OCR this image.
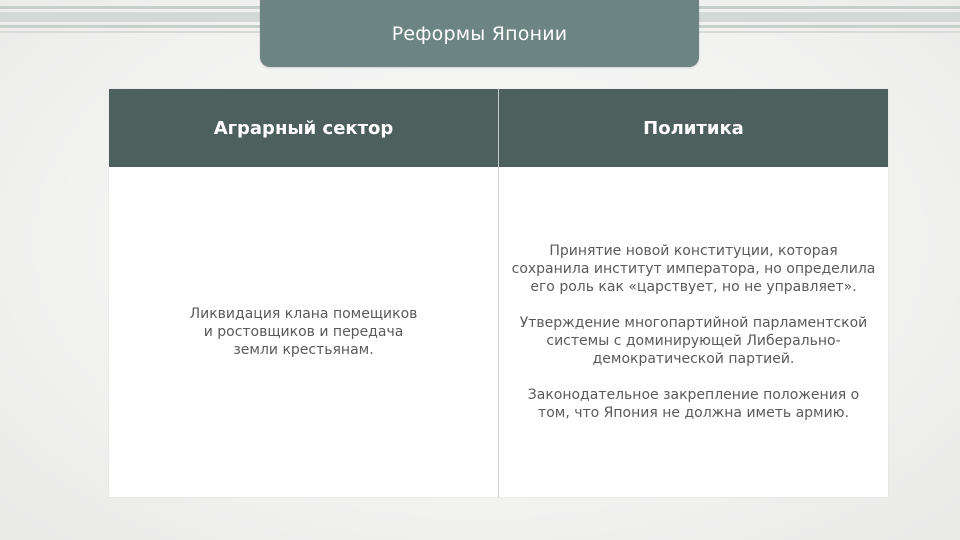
Реформы Японии
Аграрный сектор	Политика
Ликвидация клана помещиков и ростовщиков и передача земли крестьянам.

Принятие новой конституции, которая сохранила институт императора, но определила его роль как «царствует, но не управляет».

Утверждение многопартийной парламентской системы с доминирующей Либерально-демократической партией.

Законодательное закрепление положения о том, что Япония не должна иметь армию.
